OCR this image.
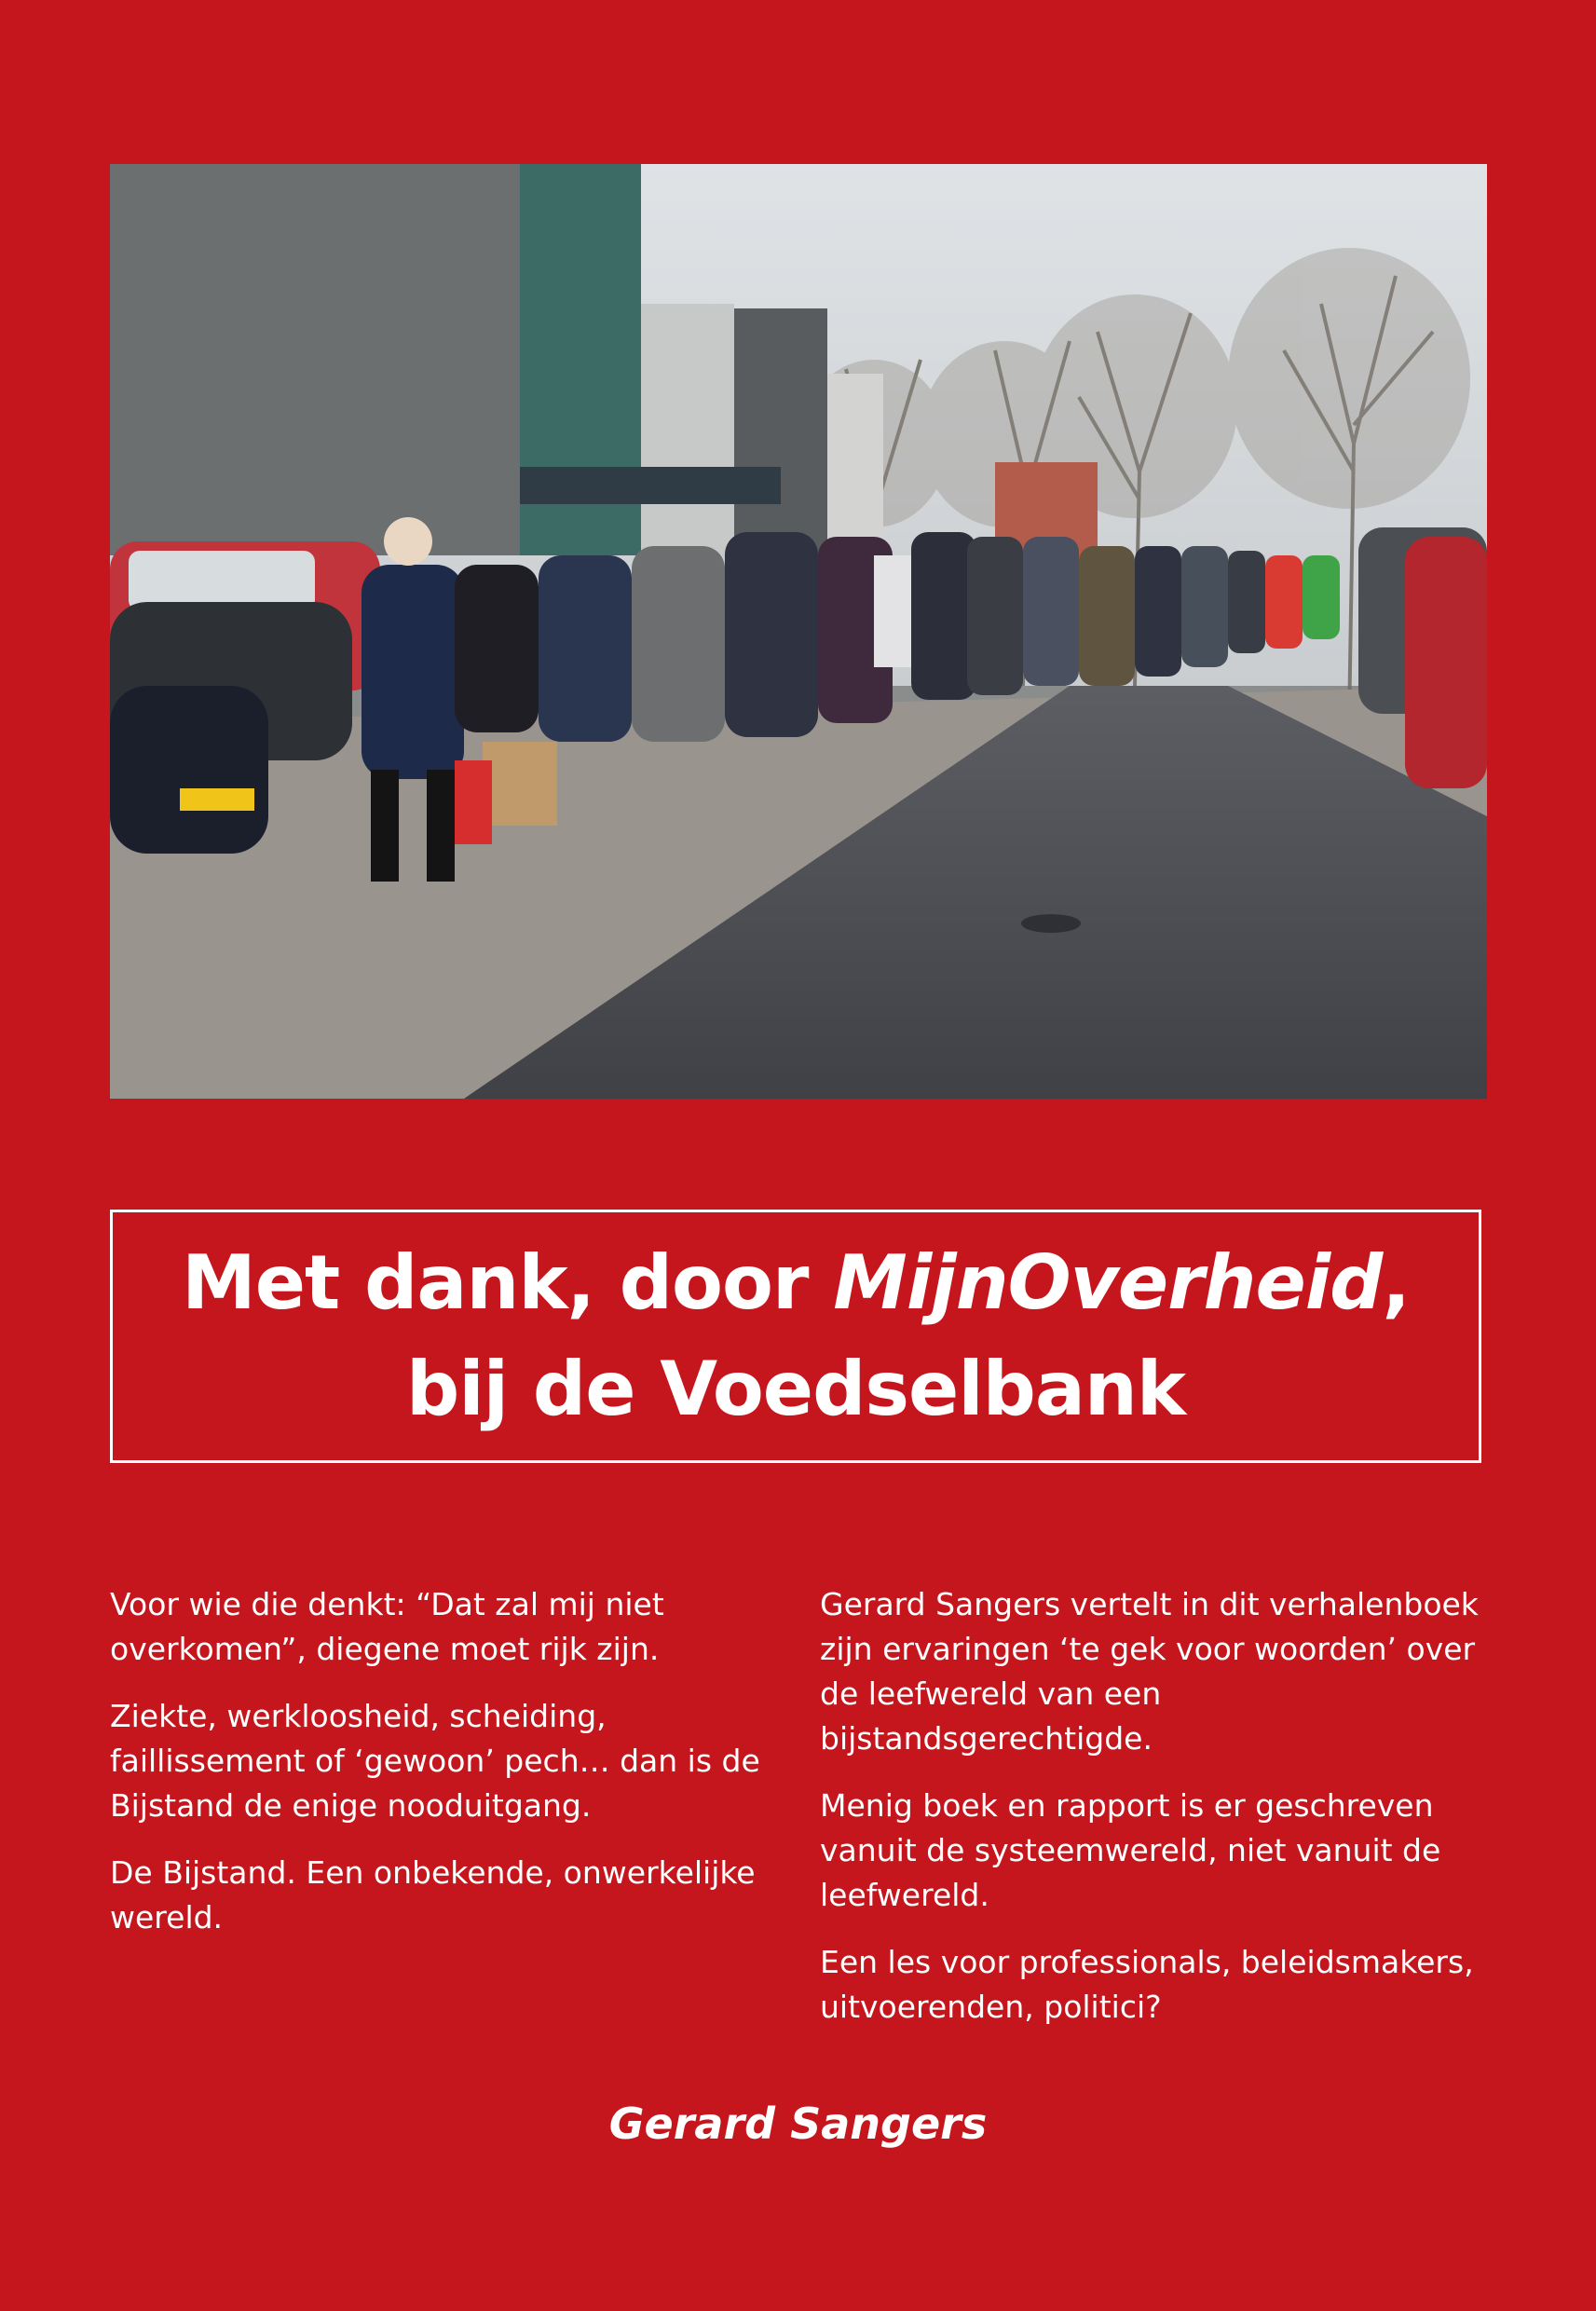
Met dank, door MijnOverheid,
bij de Voedselbank

Voor wie die denkt: “Dat zal mij niet overkomen”, diegene moet rijk zijn.

Ziekte, werkloosheid, scheiding, faillissement of ‘gewoon’ pech… dan is de Bijstand de enige nooduitgang.

De Bijstand. Een onbekende, onwerkelijke wereld.

Gerard Sangers vertelt in dit verhalenboek zijn ervaringen ‘te gek voor woorden’ over de leefwereld van een bijstandsgerechtigde.

Menig boek en rapport is er geschreven vanuit de systeemwereld, niet vanuit de leefwereld.

Een les voor professionals, beleidsmakers, uitvoerenden, politici?

Gerard Sangers
